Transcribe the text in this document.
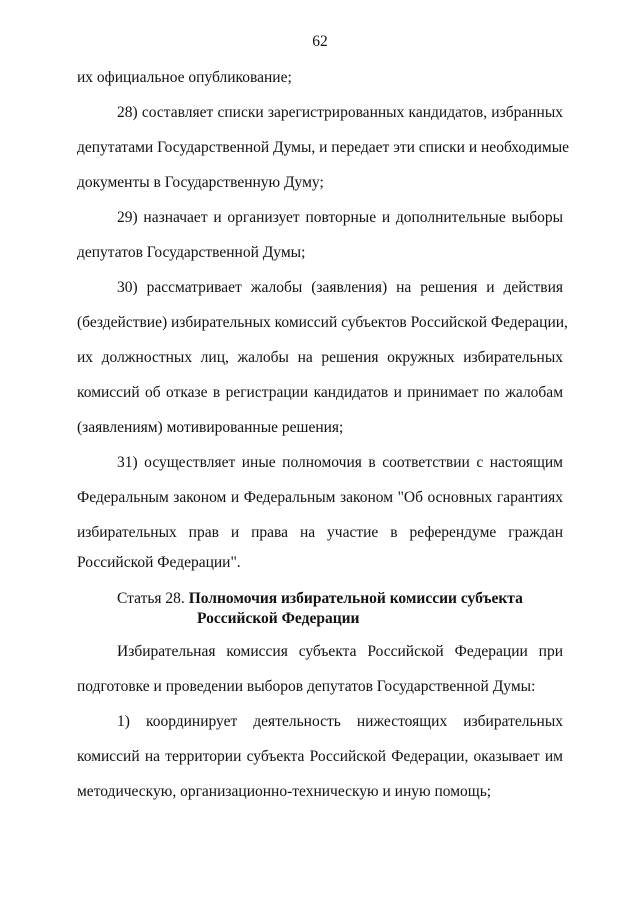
62
их официальное опубликование;
28) составляет списки зарегистрированных кандидатов, избранных
депутатами Государственной Думы, и передает эти списки и необходимые
документы в Государственную Думу;
29) назначает и организует повторные и дополнительные выборы
депутатов Государственной Думы;
30) рассматривает жалобы (заявления) на решения и действия
(бездействие) избирательных комиссий субъектов Российской Федерации,
их должностных лиц, жалобы на решения окружных избирательных
комиссий об отказе в регистрации кандидатов и принимает по жалобам
(заявлениям) мотивированные решения;
31) осуществляет иные полномочия в соответствии с настоящим
Федеральным законом и Федеральным законом "Об основных гарантиях
избирательных прав и права на участие в референдуме граждан
Российской Федерации".
Статья 28. Полномочия избирательной комиссии субъекта
Российской Федерации
Избирательная комиссия субъекта Российской Федерации при
подготовке и проведении выборов депутатов Государственной Думы:
1) координирует деятельность нижестоящих избирательных
комиссий на территории субъекта Российской Федерации, оказывает им
методическую, организационно-техническую и иную помощь;
